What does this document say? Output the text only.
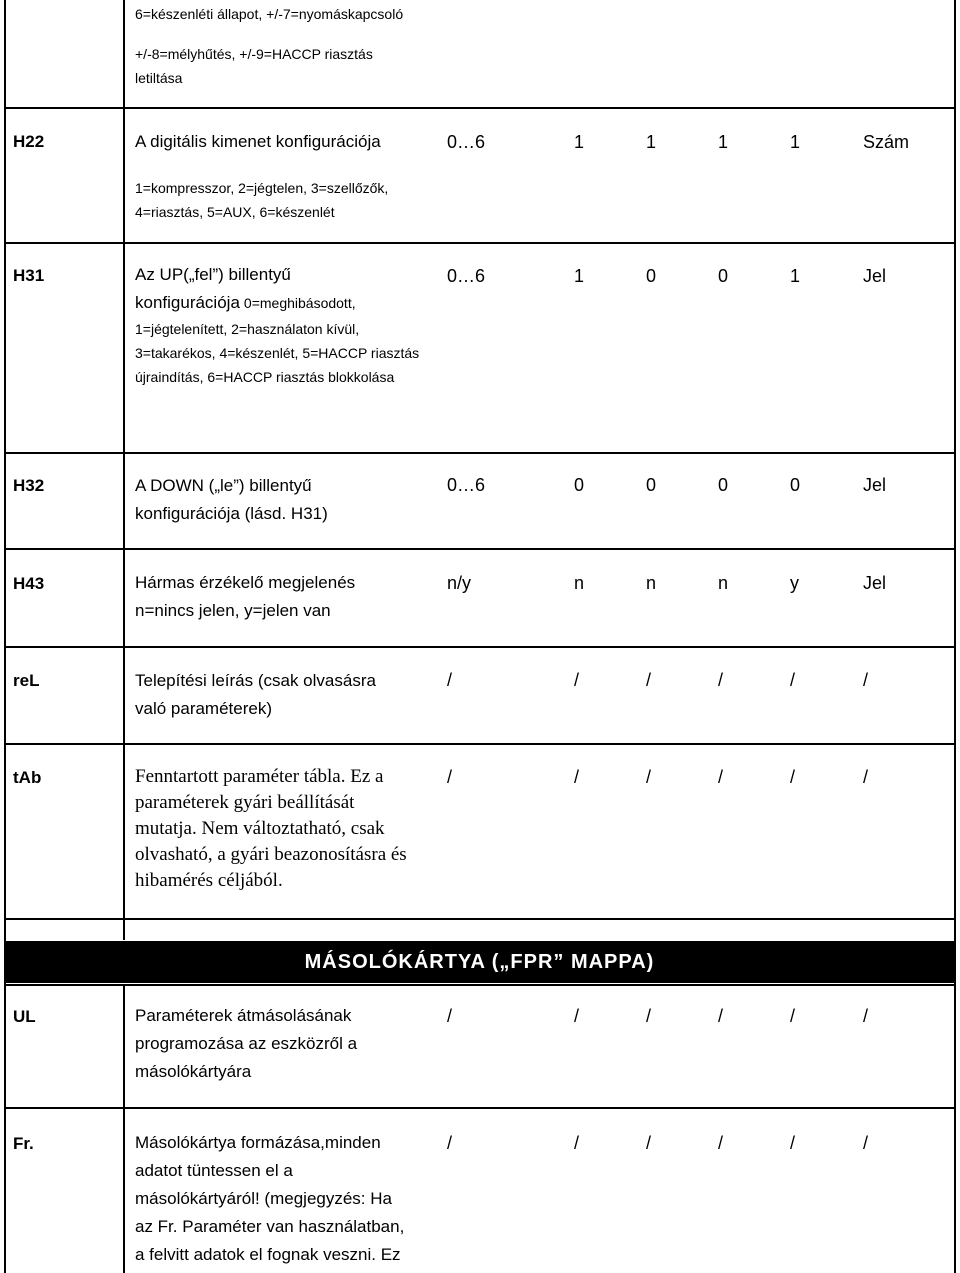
6=készenléti állapot, +/-7=nyomáskapcsoló
+/-8=mélyhűtés, +/-9=HACCP riasztás
letiltása
H22	A digitális kimenet konfigurációja
1=kompresszor, 2=jégtelen, 3=szellőzők,
4=riasztás, 5=AUX, 6=készenlét
0…6	1	1	1	1	Szám
H31	Az UP(„fel”) billentyű
konfigurációja 0=meghibásodott,
1=jégtelenített, 2=használaton kívül,
3=takarékos, 4=készenlét, 5=HACCP riasztás
újraindítás, 6=HACCP riasztás blokkolása
0…6	1	0	0	1	Jel
H32	A DOWN („le”) billentyű
konfigurációja (lásd. H31)
0…6	0	0	0	0	Jel
H43	Hármas érzékelő megjelenés
n=nincs jelen, y=jelen van
n/y	n	n	n	y	Jel
reL	Telepítési leírás (csak olvasásra
való paraméterek)
/	/	/	/	/	/
tAb	Fenntartott paraméter tábla. Ez a
paraméterek gyári beállítását
mutatja. Nem változtatható, csak
olvasható, a gyári beazonosításra és
hibamérés céljából.
/	/	/	/	/	/
MÁSOLÓKÁRTYA („FPR” MAPPA)
UL	Paraméterek átmásolásának
programozása az eszközről a
másolókártyára
/	/	/	/	/	/
Fr.	Másolókártya formázása,minden
adatot tüntessen el a
másolókártyáról! (megjegyzés: Ha
az Fr. Paraméter van használatban,
a felvitt adatok el fognak veszni. Ez
/	/	/	/	/	/
